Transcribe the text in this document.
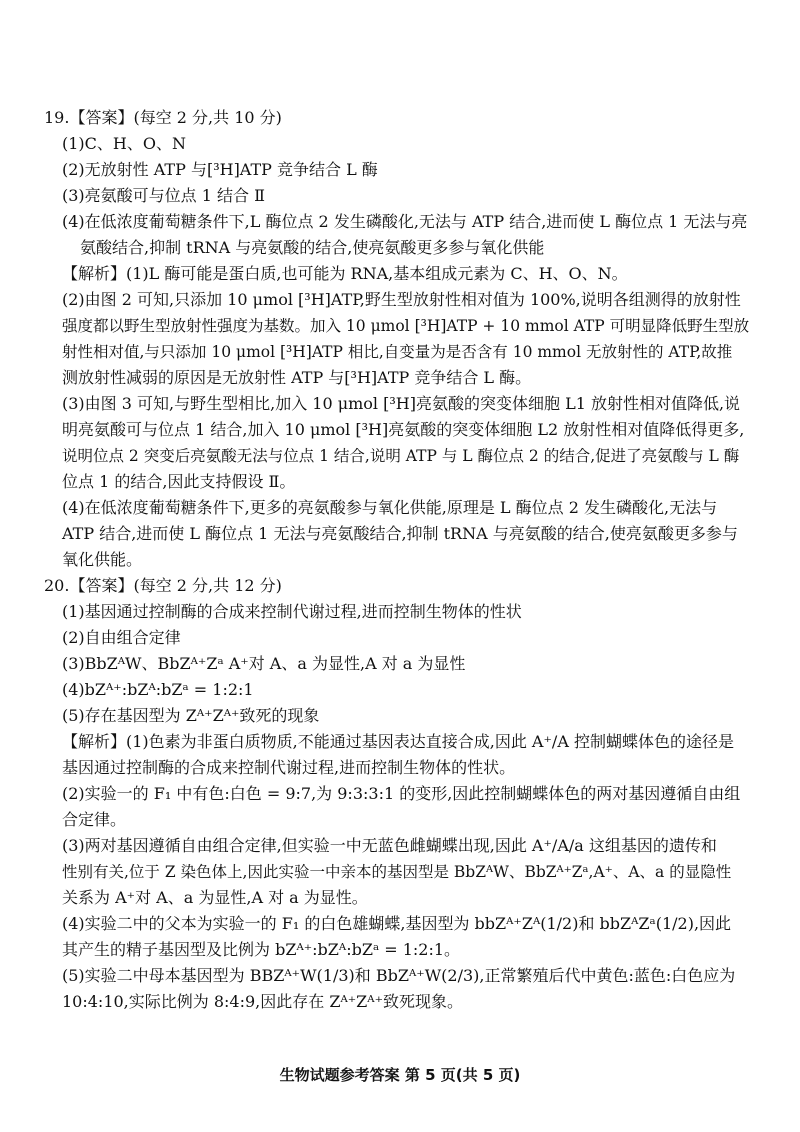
19.【答案】(每空 2 分,共 10 分)
(1)C、H、O、N
(2)无放射性 ATP 与[³H]ATP 竞争结合 L 酶
(3)亮氨酸可与位点 1 结合 Ⅱ
(4)在低浓度葡萄糖条件下,L 酶位点 2 发生磷酸化,无法与 ATP 结合,进而使 L 酶位点 1 无法与亮
氨酸结合,抑制 tRNA 与亮氨酸的结合,使亮氨酸更多参与氧化供能
【解析】(1)L 酶可能是蛋白质,也可能为 RNA,基本组成元素为 C、H、O、N。
(2)由图 2 可知,只添加 10 μmol [³H]ATP,野生型放射性相对值为 100%,说明各组测得的放射性
强度都以野生型放射性强度为基数。加入 10 μmol [³H]ATP + 10 mmol ATP 可明显降低野生型放
射性相对值,与只添加 10 μmol [³H]ATP 相比,自变量为是否含有 10 mmol 无放射性的 ATP,故推
测放射性减弱的原因是无放射性 ATP 与[³H]ATP 竞争结合 L 酶。
(3)由图 3 可知,与野生型相比,加入 10 μmol [³H]亮氨酸的突变体细胞 L1 放射性相对值降低,说
明亮氨酸可与位点 1 结合,加入 10 μmol [³H]亮氨酸的突变体细胞 L2 放射性相对值降低得更多,
说明位点 2 突变后亮氨酸无法与位点 1 结合,说明 ATP 与 L 酶位点 2 的结合,促进了亮氨酸与 L 酶
位点 1 的结合,因此支持假设 Ⅱ。
(4)在低浓度葡萄糖条件下,更多的亮氨酸参与氧化供能,原理是 L 酶位点 2 发生磷酸化,无法与
ATP 结合,进而使 L 酶位点 1 无法与亮氨酸结合,抑制 tRNA 与亮氨酸的结合,使亮氨酸更多参与
氧化供能。
20.【答案】(每空 2 分,共 12 分)
(1)基因通过控制酶的合成来控制代谢过程,进而控制生物体的性状
(2)自由组合定律
(3)BbZᴬW、BbZᴬ⁺Zᵃ A⁺对 A、a 为显性,A 对 a 为显性
(4)bZᴬ⁺:bZᴬ:bZᵃ = 1:2:1
(5)存在基因型为 Zᴬ⁺Zᴬ⁺致死的现象
【解析】(1)色素为非蛋白质物质,不能通过基因表达直接合成,因此 A⁺/A 控制蝴蝶体色的途径是
基因通过控制酶的合成来控制代谢过程,进而控制生物体的性状。
(2)实验一的 F₁ 中有色:白色 = 9:7,为 9:3:3:1 的变形,因此控制蝴蝶体色的两对基因遵循自由组
合定律。
(3)两对基因遵循自由组合定律,但实验一中无蓝色雌蝴蝶出现,因此 A⁺/A/a 这组基因的遗传和
性别有关,位于 Z 染色体上,因此实验一中亲本的基因型是 BbZᴬW、BbZᴬ⁺Zᵃ,A⁺、A、a 的显隐性
关系为 A⁺对 A、a 为显性,A 对 a 为显性。
(4)实验二中的父本为实验一的 F₁ 的白色雄蝴蝶,基因型为 bbZᴬ⁺Zᴬ(1/2)和 bbZᴬZᵃ(1/2),因此
其产生的精子基因型及比例为 bZᴬ⁺:bZᴬ:bZᵃ = 1:2:1。
(5)实验二中母本基因型为 BBZᴬ⁺W(1/3)和 BbZᴬ⁺W(2/3),正常繁殖后代中黄色:蓝色:白色应为
10:4:10,实际比例为 8:4:9,因此存在 Zᴬ⁺Zᴬ⁺致死现象。
生物试题参考答案 第 5 页(共 5 页)
